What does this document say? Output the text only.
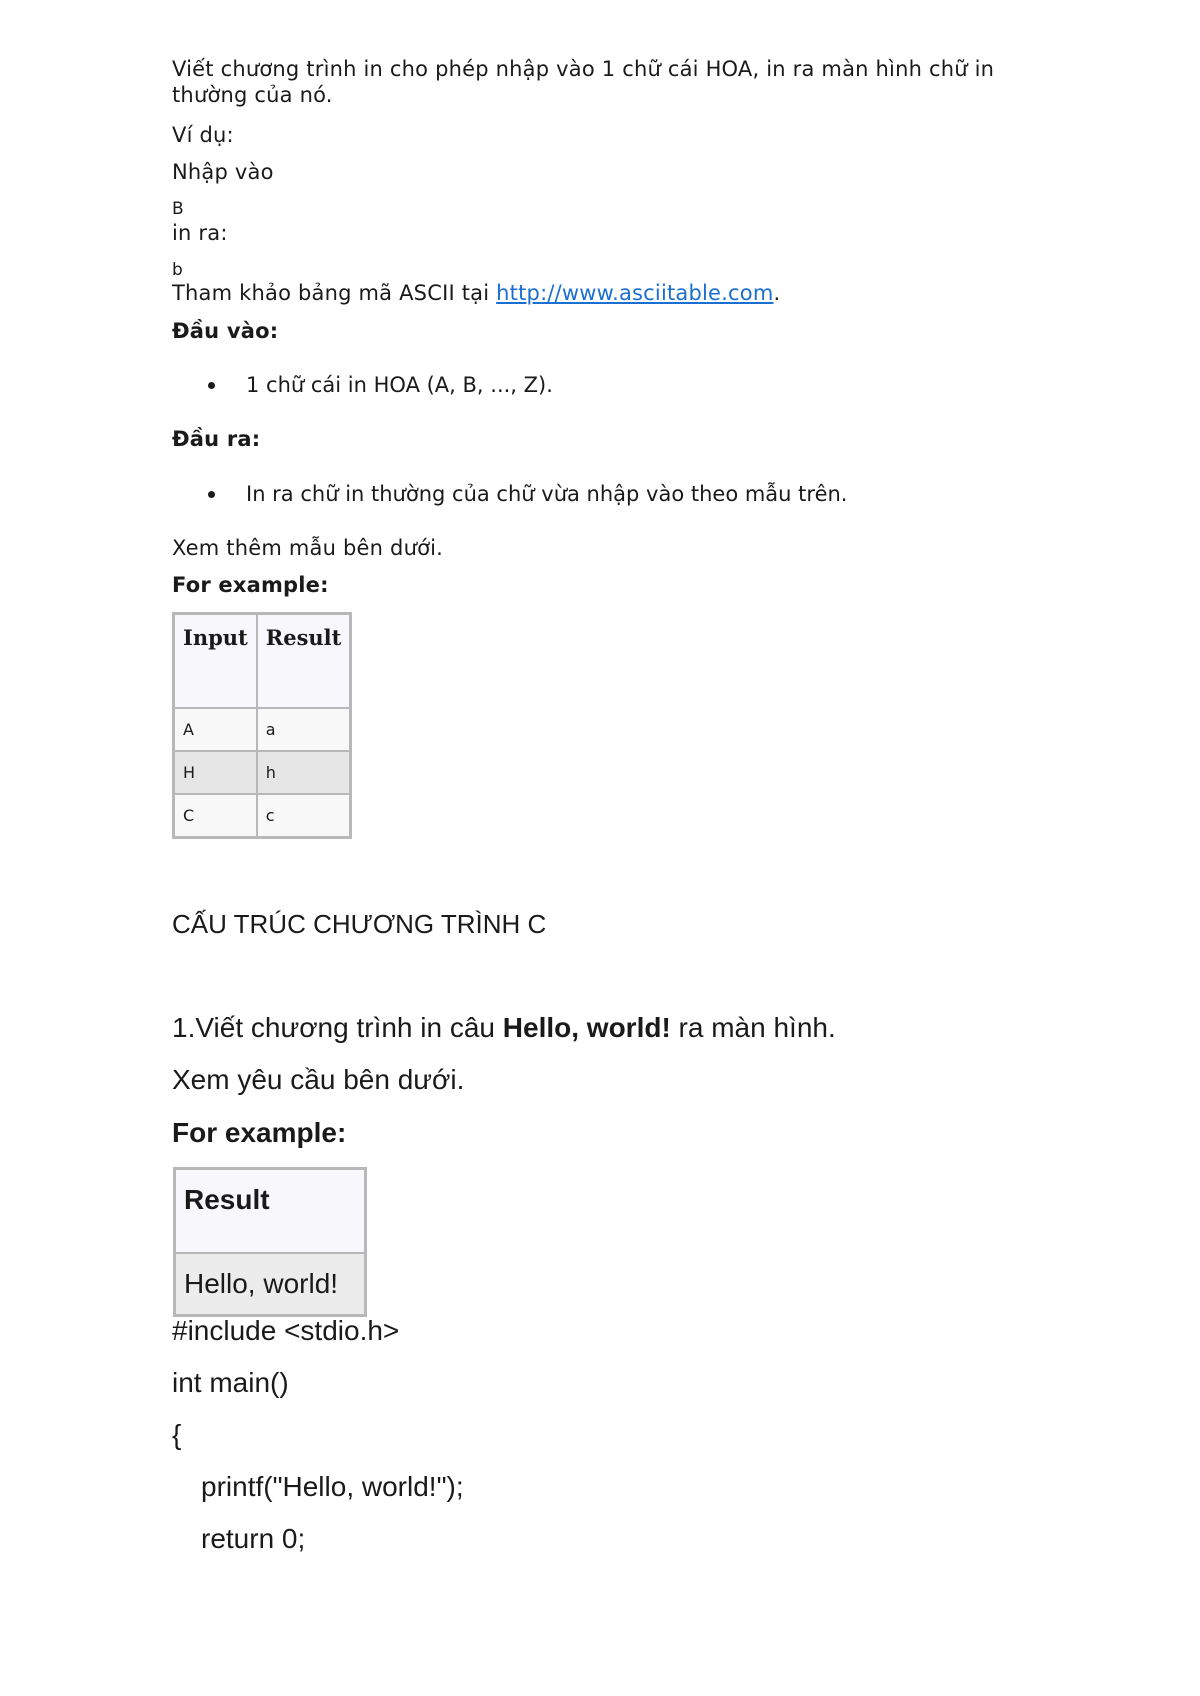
Viết chương trình in cho phép nhập vào 1 chữ cái HOA, in ra màn hình chữ in thường của nó.
Ví dụ:
Nhập vào
B
in ra:
b
Tham khảo bảng mã ASCII tại http://www.asciitable.com.
Đầu vào:
1 chữ cái in HOA (A, B, ..., Z).
Đầu ra:
In ra chữ in thường của chữ vừa nhập vào theo mẫu trên.
Xem thêm mẫu bên dưới.
For example:
Input	Result
A	a
H	h
C	c
CẤU TRÚC CHƯƠNG TRÌNH C
1.Viết chương trình in câu Hello, world! ra màn hình.
Xem yêu cầu bên dưới.
For example:
Result
Hello, world!
#include <stdio.h>
int main()
{
printf("Hello, world!");
return 0;
